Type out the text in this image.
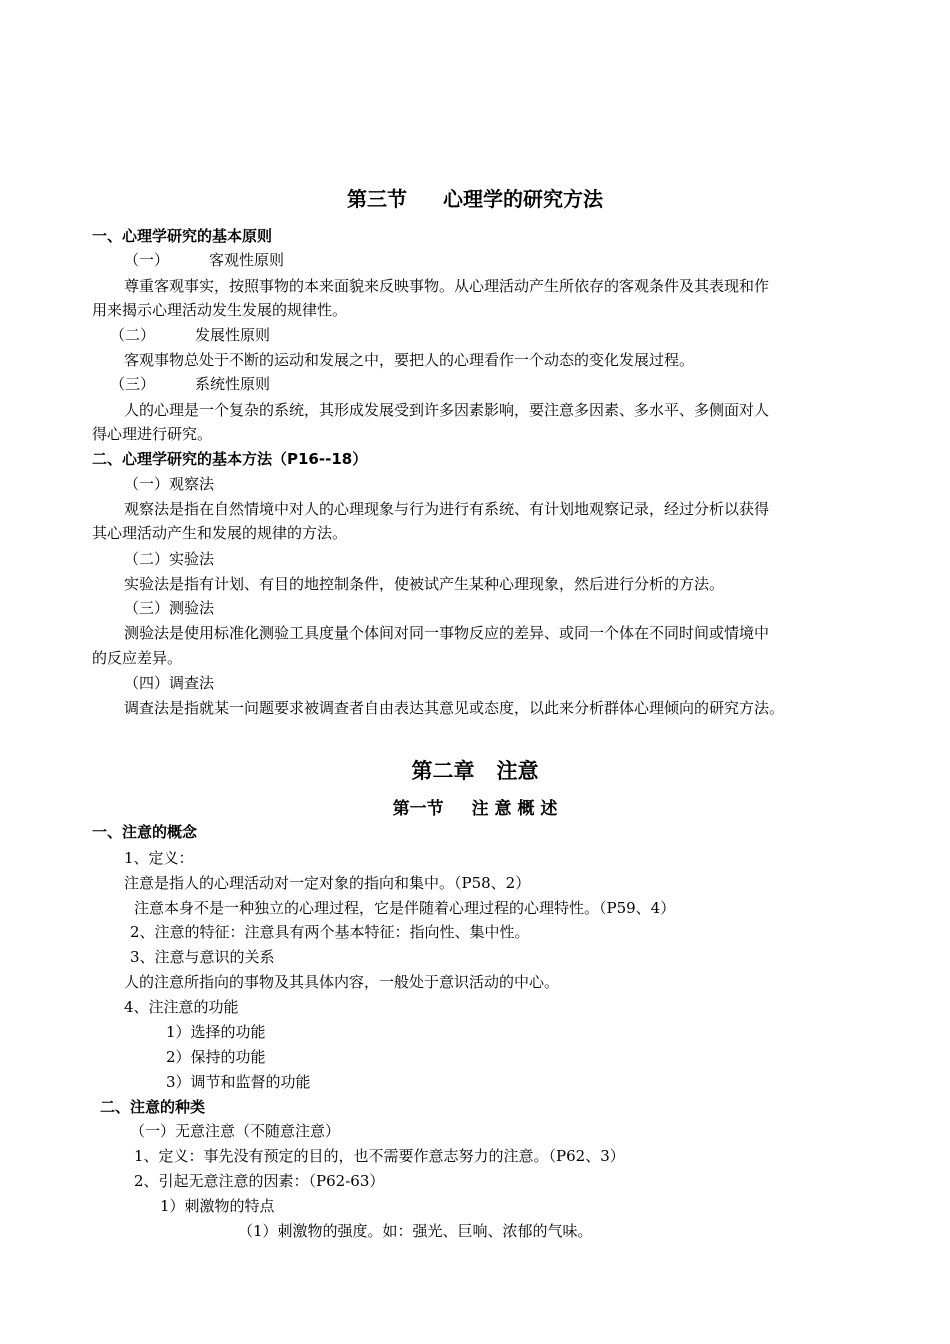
第三节 心理学的研究方法
一、心理学研究的基本原则
（一）	客观性原则
尊重客观事实，按照事物的本来面貌来反映事物。从心理活动产生所依存的客观条件及其表现和作
用来揭示心理活动发生发展的规律性。
（二）	发展性原则
客观事物总处于不断的运动和发展之中，要把人的心理看作一个动态的变化发展过程。
（三）	系统性原则
人的心理是一个复杂的系统，其形成发展受到许多因素影响，要注意多因素、多水平、多侧面对人
得心理进行研究。
二、心理学研究的基本方法（P16--18）
（一）观察法
观察法是指在自然情境中对人的心理现象与行为进行有系统、有计划地观察记录，经过分析以获得
其心理活动产生和发展的规律的方法。
（二）实验法
实验法是指有计划、有目的地控制条件，使被试产生某种心理现象，然后进行分析的方法。
（三）测验法
测验法是使用标准化测验工具度量个体间对同一事物反应的差异、或同一个体在不同时间或情境中
的反应差异。
（四）调查法
调查法是指就某一问题要求被调查者自由表达其意见或态度，以此来分析群体心理倾向的研究方法。
第二章 注意
第一节 注 意 概 述
一、注意的概念
1、定义：
注意是指人的心理活动对一定对象的指向和集中。（P58、2）
注意本身不是一种独立的心理过程，它是伴随着心理过程的心理特性。（P59、4）
2、注意的特征：注意具有两个基本特征：指向性、集中性。
3、注意与意识的关系
人的注意所指向的事物及其具体内容，一般处于意识活动的中心。
4、注注意的功能
1）选择的功能
2）保持的功能
3）调节和监督的功能
二、注意的种类
（一）无意注意（不随意注意）
1、定义：事先没有预定的目的，也不需要作意志努力的注意。（P62、3）
2、引起无意注意的因素：（P62-63）
1）刺激物的特点
（1）刺激物的强度。如：强光、巨响、浓郁的气味。
